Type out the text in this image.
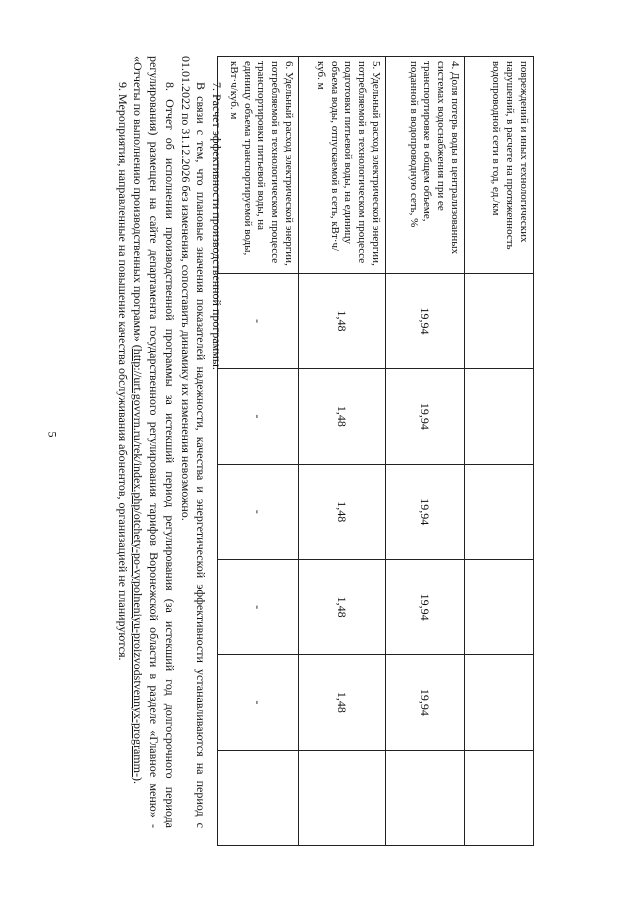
5
повреждений и иных технологических нарушений, в расчете на протяженность водопроводной сети в год, ед./км						
4. Доля потерь воды в централизованных системах водоснабжения при ее транспортировке в общем объеме, поданной в водопроводную сеть, %	19,94	19,94	19,94	19,94	19,94	
5. Удельный расход электрической энергии, потребляемой в технологическом процессе подготовки питьевой воды, на единицу объема воды, отпускаемой в сеть, кВт·ч/куб. м	1,48	1,48	1,48	1,48	1,48	
6. Удельный расход электрической энергии, потребляемой в технологическом процессе транспортировки питьевой воды, на единицу объема транспортируемой воды, кВт·ч/куб. м	-	-	-	-	-	

7. Расчет эффективности производственной программы.

В связи с тем, что плановые значения показателей надежности, качества и энергетической эффективности устанавливаются на период с 01.01.2022 по 31.12.2026 без изменения, сопоставить динамику их изменения невозможно.

8. Отчет об исполнении производственной программы за истекший период регулирования (за истекший год долгосрочного периода регулирования) размещен на сайте департамента государственного регулирования тарифов Воронежской области в разделе «Главное меню» - «Отчеты по выполнению производственных программ» (http://urt.govvrn.ru/rek/index.php/otchety-po-vypolneniyu-proizvodstvennyx-programm-).

9. Мероприятия, направленные на повышение качества обслуживания абонентов, организацией не планируются.
